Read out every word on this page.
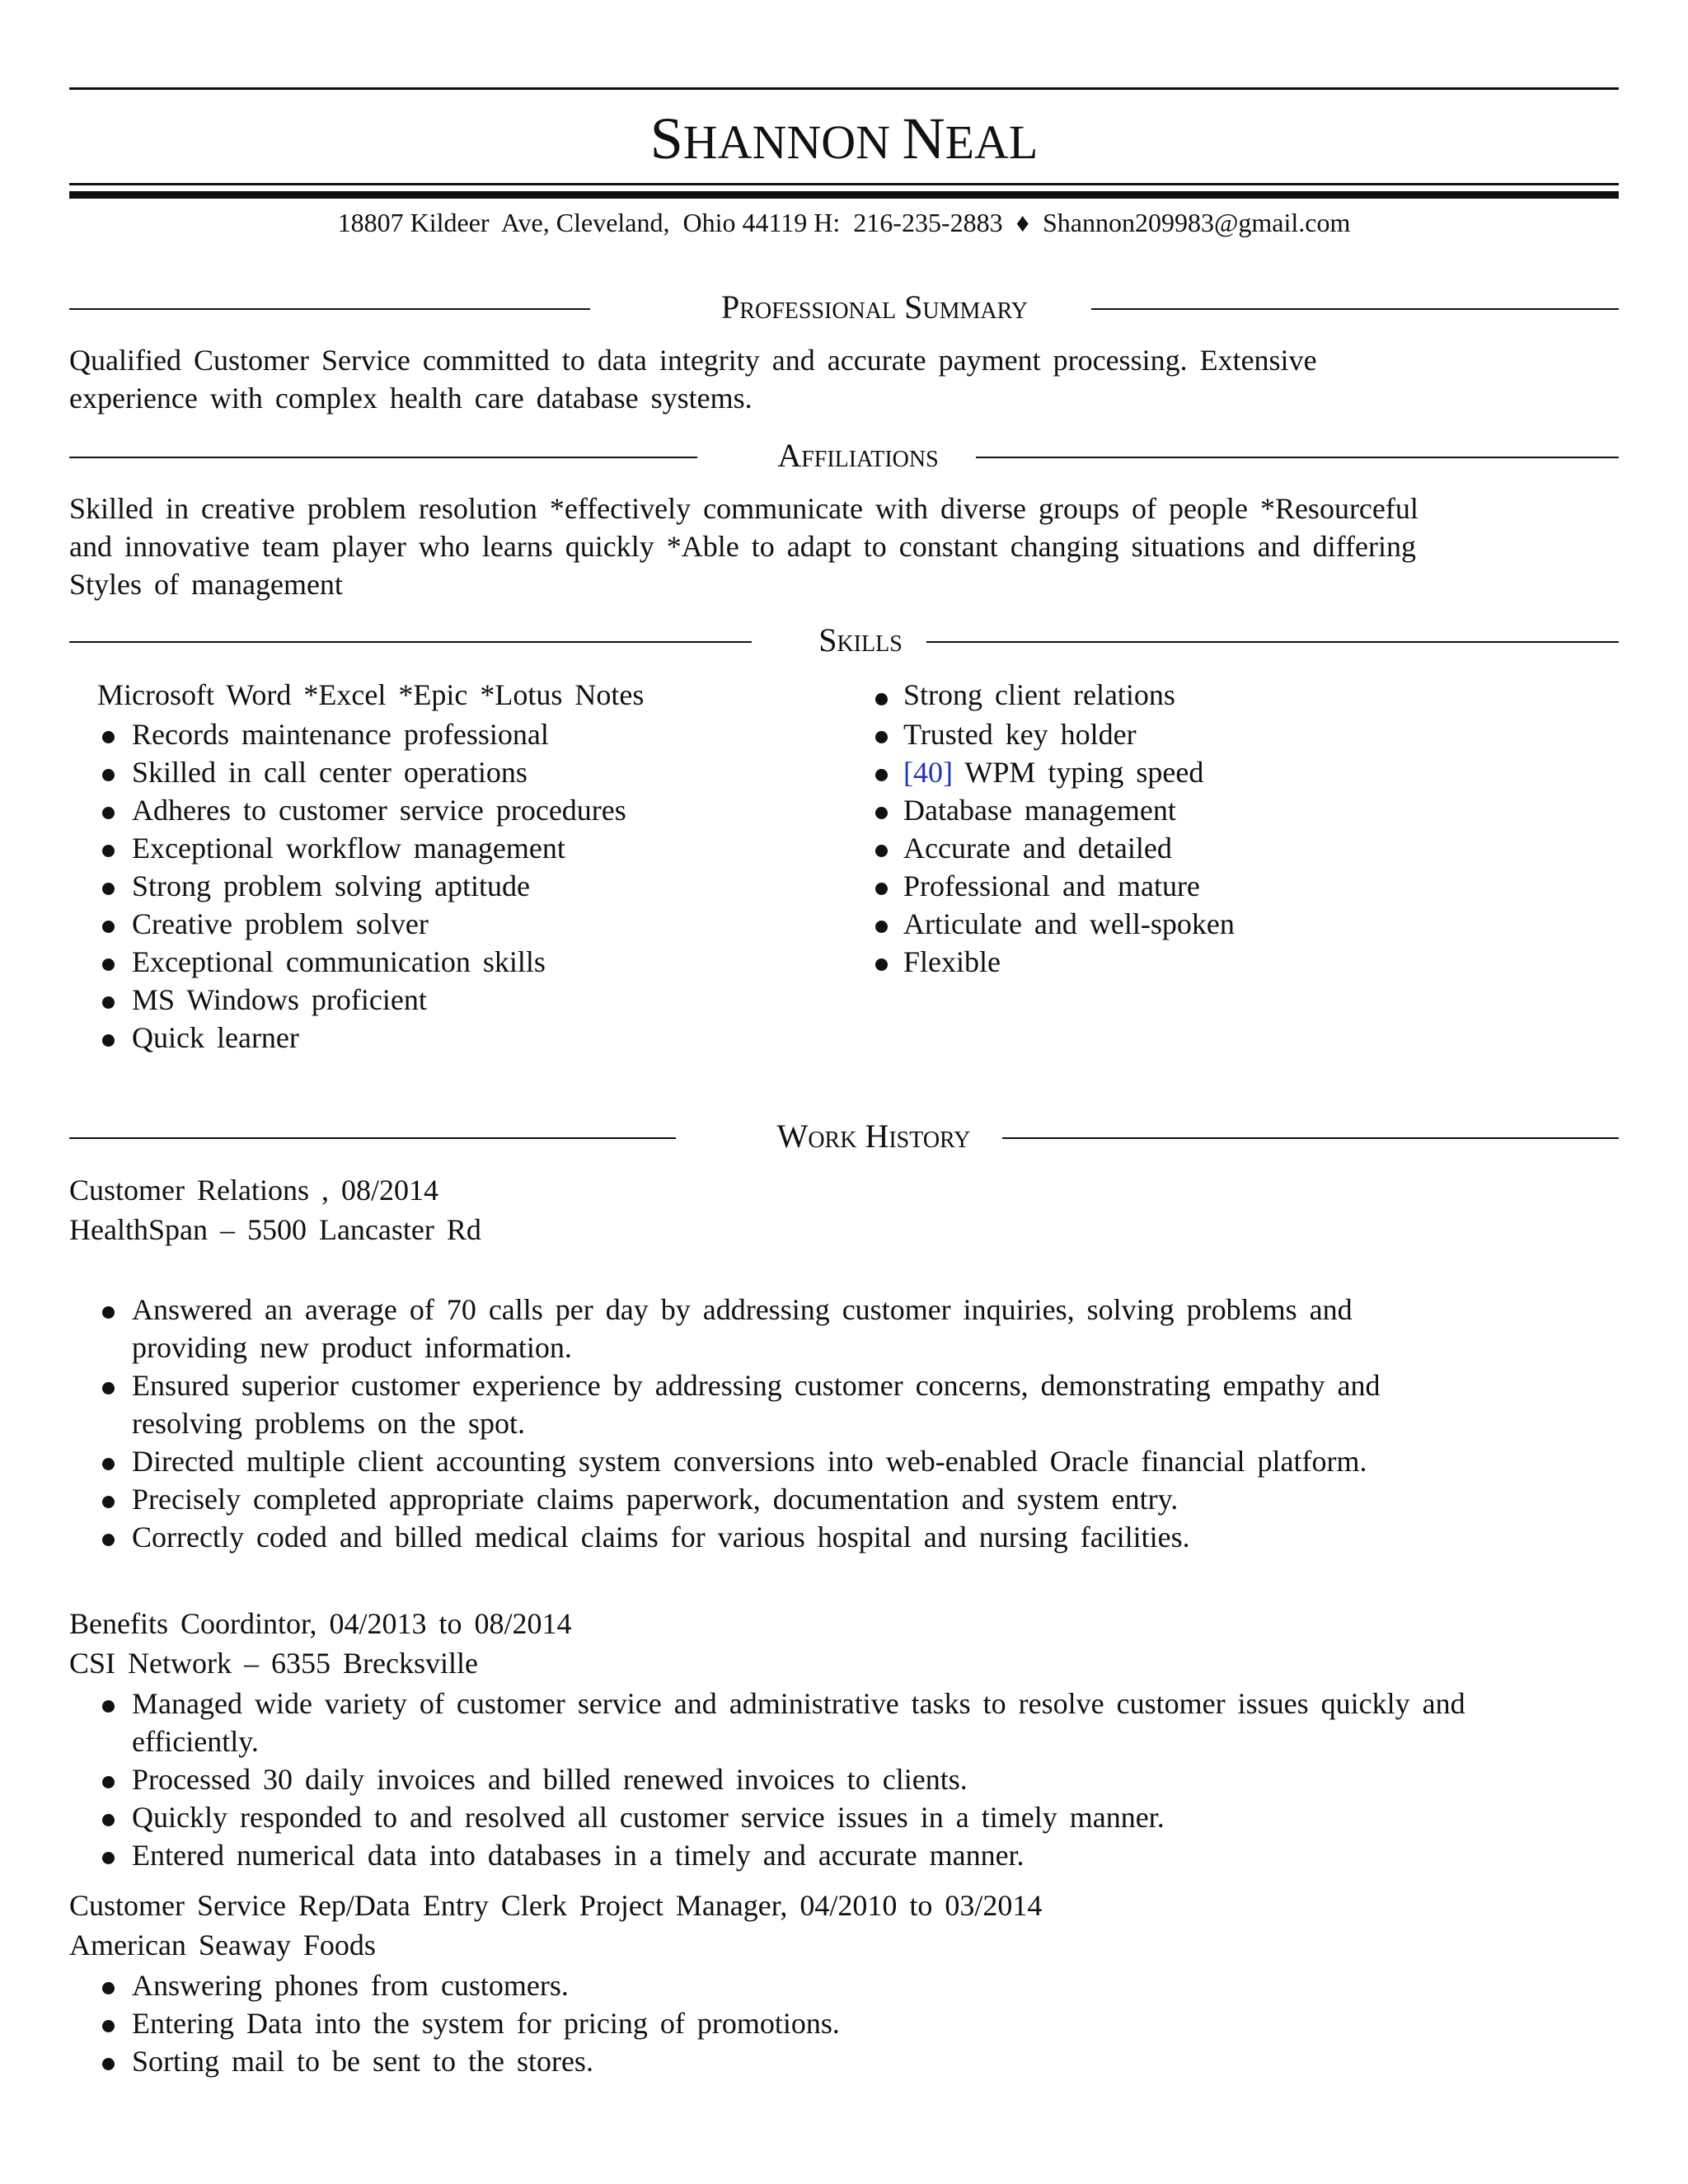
SHANNON NEAL
18807 Kildeer  Ave, Cleveland,  Ohio 44119 H:  216-235-2883  ♦  Shannon209983@gmail.com
Professional Summary
Qualified Customer Service committed to data integrity and accurate payment processing. Extensive
experience with complex health care database systems.
Affiliations
Skilled in creative problem resolution *effectively communicate with diverse groups of people *Resourceful
and innovative team player who learns quickly *Able to adapt to constant changing situations and differing
Styles of management
Skills
Microsoft Word *Excel *Epic *Lotus Notes
Records maintenance professional
Skilled in call center operations
Adheres to customer service procedures
Exceptional workflow management
Strong problem solving aptitude
Creative problem solver
Exceptional communication skills
MS Windows proficient
Quick learner
Strong client relations
Trusted key holder
[40] WPM typing speed
Database management
Accurate and detailed
Professional and mature
Articulate and well-spoken
Flexible
Work History
Customer Relations , 08/2014
HealthSpan – 5500 Lancaster Rd
Answered an average of 70 calls per day by addressing customer inquiries, solving problems and
providing new product information.
Ensured superior customer experience by addressing customer concerns, demonstrating empathy and
resolving problems on the spot.
Directed multiple client accounting system conversions into web-enabled Oracle financial platform.
Precisely completed appropriate claims paperwork, documentation and system entry.
Correctly coded and billed medical claims for various hospital and nursing facilities.
Benefits Coordintor, 04/2013 to 08/2014
CSI Network – 6355 Brecksville
Managed wide variety of customer service and administrative tasks to resolve customer issues quickly and
efficiently.
Processed 30 daily invoices and billed renewed invoices to clients.
Quickly responded to and resolved all customer service issues in a timely manner.
Entered numerical data into databases in a timely and accurate manner.
Customer Service Rep/Data Entry Clerk Project Manager, 04/2010 to 03/2014
American Seaway Foods
Answering phones from customers.
Entering Data into the system for pricing of promotions.
Sorting mail to be sent to the stores.
